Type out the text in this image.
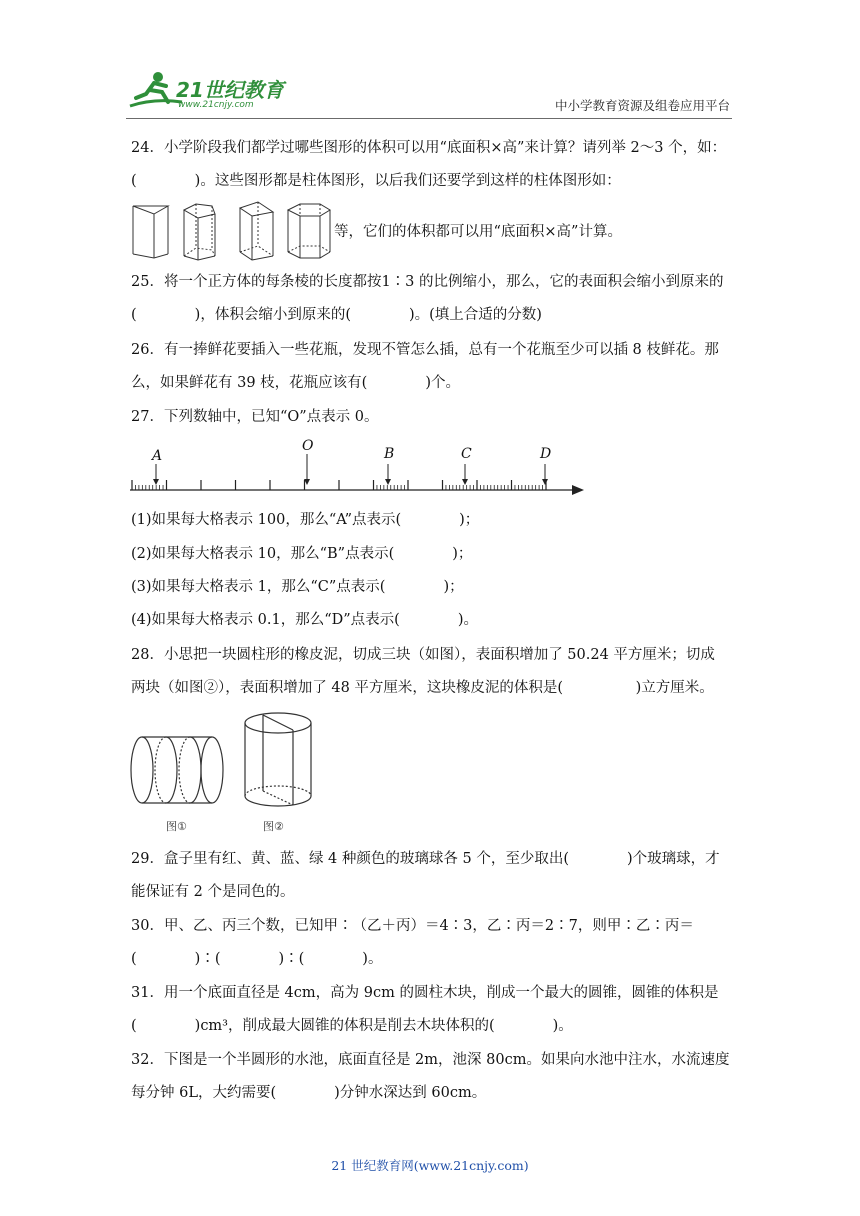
21世纪教育
www.21cnjy.com	中小学教育资源及组卷应用平台
24．小学阶段我们都学过哪些图形的体积可以用“底面积×高”来计算？请列举 2～3 个，如：
(　　　　)。这些图形都是柱体图形，以后我们还要学到这样的柱体图形如：
等，它们的体积都可以用“底面积×高”计算。
25．将一个正方体的每条棱的长度都按1∶3 的比例缩小，那么，它的表面积会缩小到原来的
(　　　　)，体积会缩小到原来的(　　　　)。(填上合适的分数)
26．有一捧鲜花要插入一些花瓶，发现不管怎么插，总有一个花瓶至少可以插 8 枝鲜花。那
么，如果鲜花有 39 枝，花瓶应该有(　　　　)个。
27．下列数轴中，已知“O”点表示 0。
A
O	B	C	D
(1)如果每大格表示 100，那么“A”点表示(　　　　)；
(2)如果每大格表示 10，那么“B”点表示(　　　　)；
(3)如果每大格表示 1，那么“C”点表示(　　　　)；
(4)如果每大格表示 0.1，那么“D”点表示(　　　　)。
28．小思把一块圆柱形的橡皮泥，切成三块（如图），表面积增加了 50.24 平方厘米；切成
两块（如图②），表面积增加了 48 平方厘米，这块橡皮泥的体积是(　　　　　)立方厘米。
图①	图②
29．盒子里有红、黄、蓝、绿 4 种颜色的玻璃球各 5 个，至少取出(　　　　)个玻璃球，才
能保证有 2 个是同色的。
30．甲、乙、丙三个数，已知甲∶（乙＋丙）＝4∶3，乙∶丙＝2∶7，则甲∶乙∶丙＝
(　　　　)∶(　　　　)∶(　　　　)。
31．用一个底面直径是 4cm，高为 9cm 的圆柱木块，削成一个最大的圆锥，圆锥的体积是
(　　　　)cm³，削成最大圆锥的体积是削去木块体积的(　　　　)。
32．下图是一个半圆形的水池，底面直径是 2m，池深 80cm。如果向水池中注水，水流速度
每分钟 6L，大约需要(　　　　)分钟水深达到 60cm。
21 世纪教育网(www.21cnjy.com)
